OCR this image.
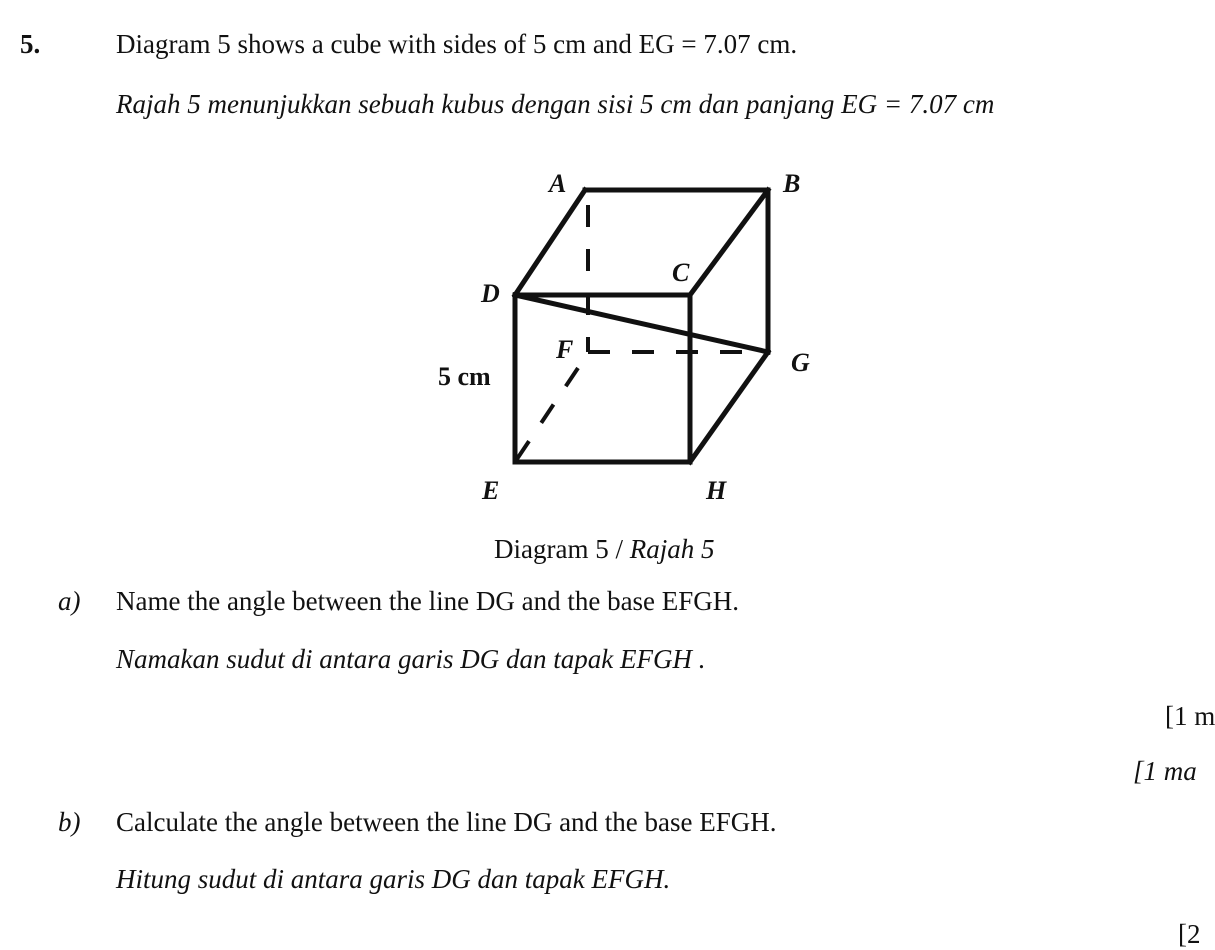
5.	Diagram 5 shows a cube with sides of 5 cm and EG = 7.07 cm.
Rajah 5 menunjukkan sebuah kubus dengan sisi 5 cm dan panjang EG = 7.07 cm
A	B
C
D
F	G
5 cm
E	H
Diagram 5 / Rajah 5
a) Name the angle between the line DG and the base EFGH.
Namakan sudut di antara garis DG dan tapak EFGH .
[1 m
[1 ma
b) Calculate the angle between the line DG and the base EFGH.
Hitung sudut di antara garis DG dan tapak EFGH.
[2
